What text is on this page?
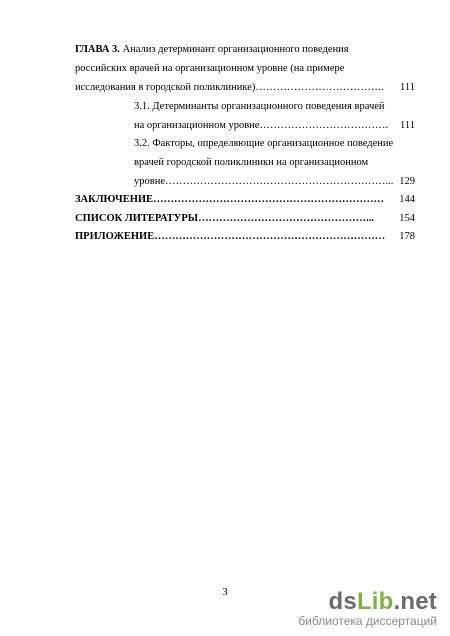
ГЛАВА 3. Анализ детерминант организационного поведения
российских врачей на организационном уровне (на примере
исследования в городской поликлинике)………………………………. 111
3.1. Детерминанты организационного поведения врачей
на организационном уровне………………………………. 111
3.2. Факторы, определяющие организационное поведение
врачей городской поликлиники на организационном
уровне………………………………………………………... 129
ЗАКЛЮЧЕНИЕ………………………………………………………… 144
СПИСОК ЛИТЕРАТУРЫ…………………………………………... 154
ПРИЛОЖЕНИЕ………………………………………………………… 178
3	dsLib.net
библиотека диссертаций
